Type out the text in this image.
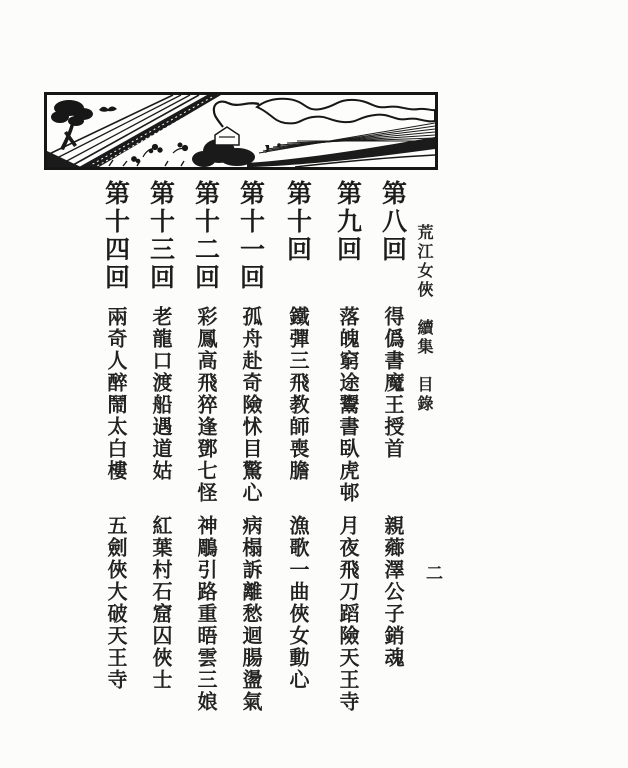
荒江女俠　續集　目錄
二
第八回
得僞書魔王授首
親薌澤公子銷魂
第九回
落魄窮途鬻書臥虎邨
月夜飛刀蹈險天王寺
第十回
鐵彈三飛教師喪膽
漁歌一曲俠女動心
第十一回
孤舟赴奇險怵目驚心
病榻訴離愁迴腸盪氣
第十二回
彩鳳高飛猝逢鄧七怪
神鵰引路重晤雲三娘
第十三回
老龍口渡船遇道姑
紅葉村石窟囚俠士
第十四回
兩奇人醉鬧太白樓
五劍俠大破天王寺
